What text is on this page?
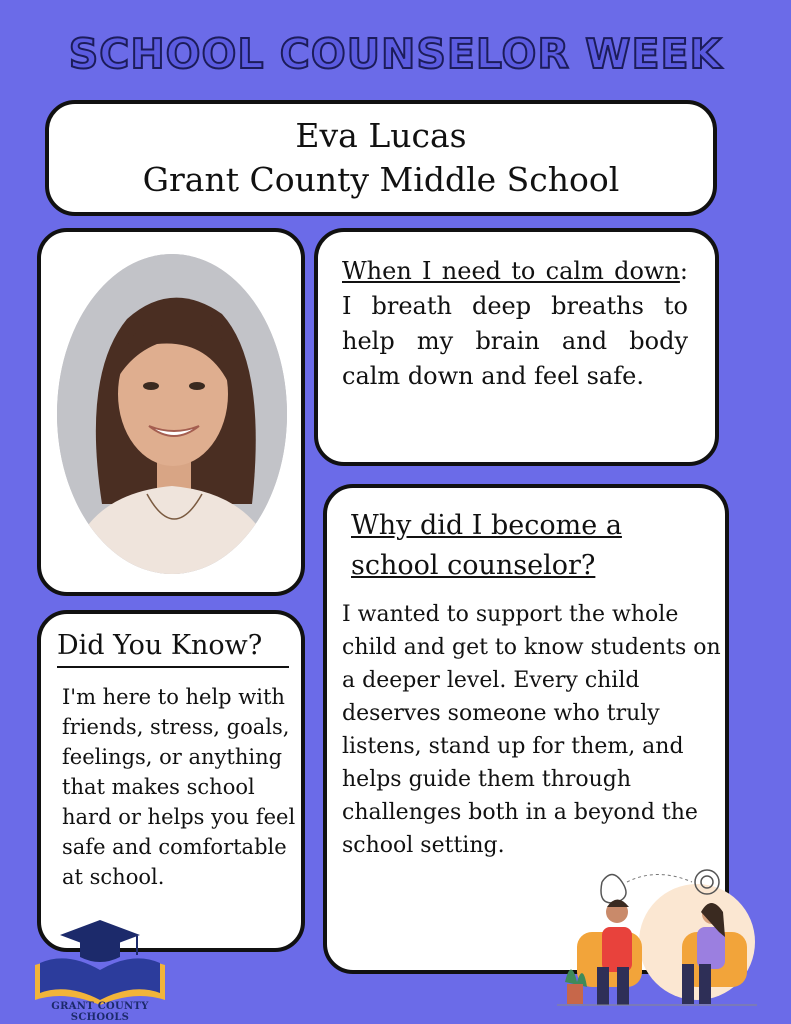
SCHOOL COUNSELOR WEEK
Eva Lucas
Grant County Middle School
When I need to calm down: I breath deep breaths to help my brain and body calm down and feel safe.
Why did I become a school counselor?
I wanted to support the whole child and get to know students on a deeper level. Every child deserves someone who truly listens, stand up for them, and helps guide them through challenges both in a beyond the school setting.
Did You Know?
I'm here to help with friends, stress, goals, feelings, or anything that makes school hard or helps you feel safe and comfortable at school.
GRANT COUNTY SCHOOLS
